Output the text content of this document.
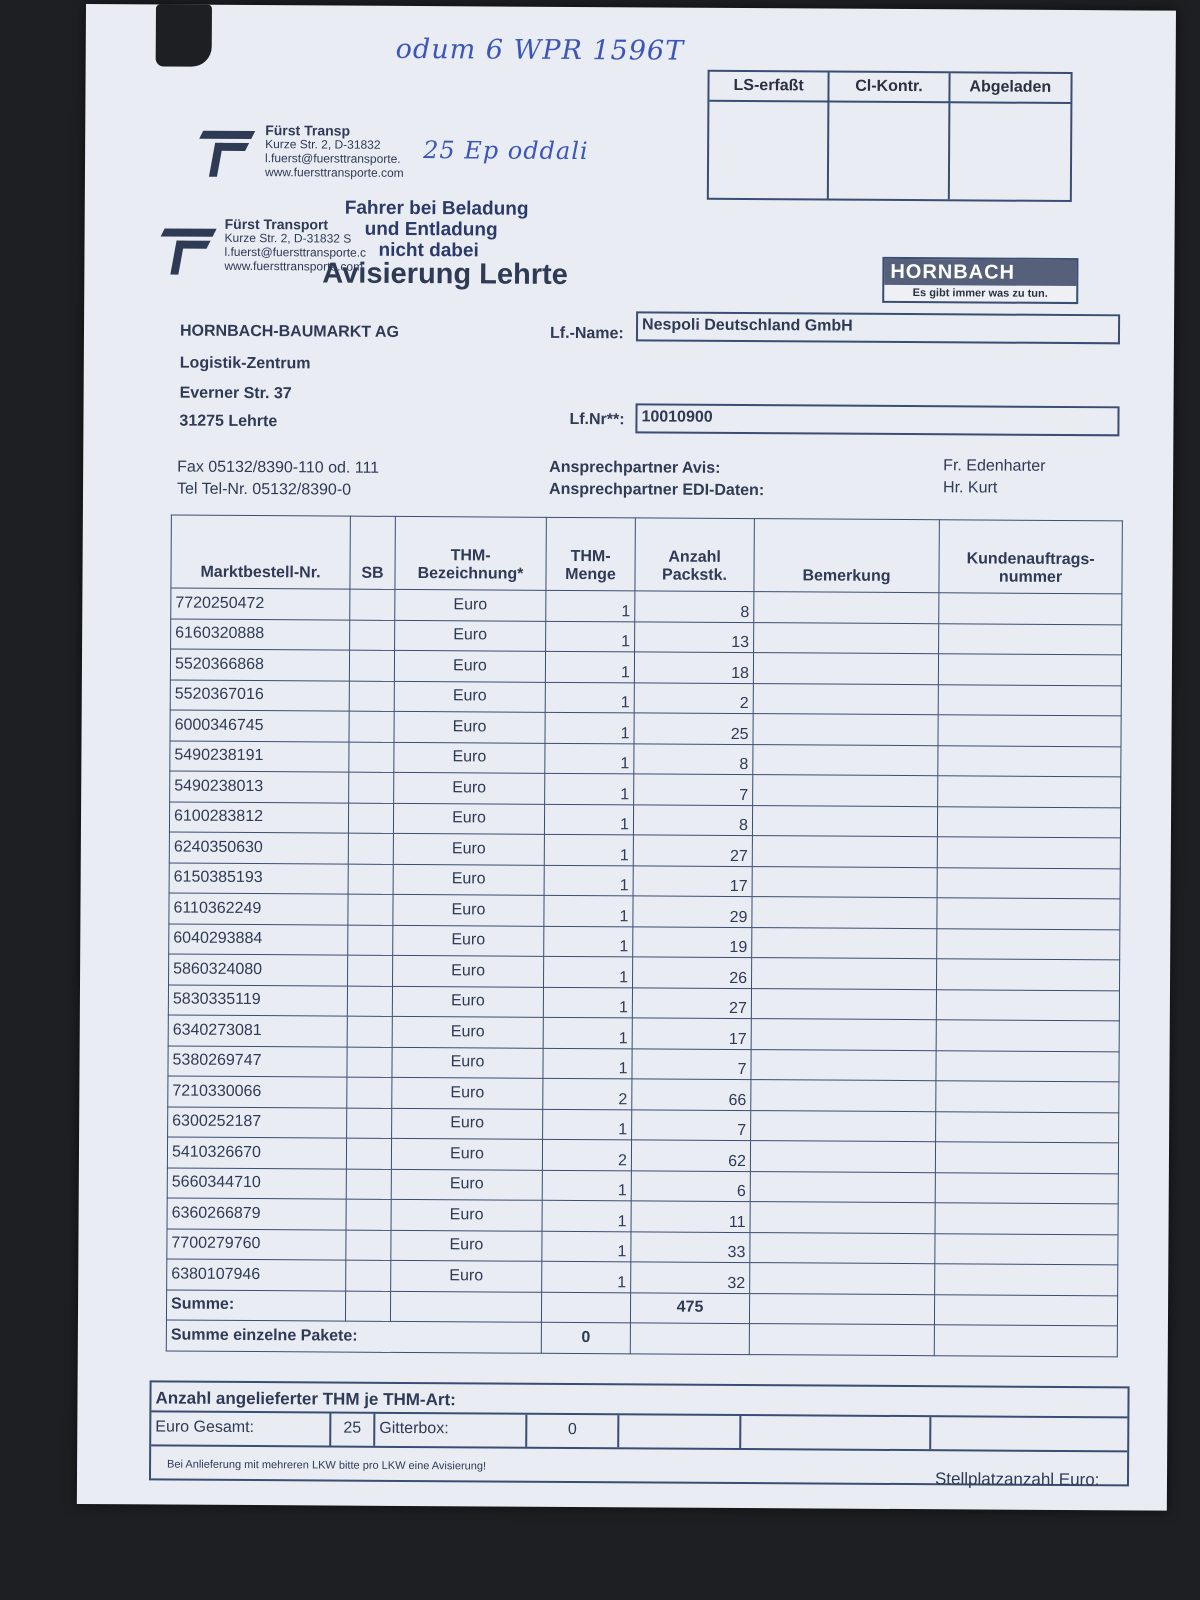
odum 6 WPR 1596T
25 Ep oddali
LS-erfaßt	Cl-Kontr.	Abgeladen
Fürst Transp
Kurze Str. 2, D-31832
l.fuerst@fuersttransporte.
www.fuersttransporte.com
Fürst Transport
Kurze Str. 2, D-31832 S
l.fuerst@fuersttransporte.c
www.fuersttransporte.com
Fahrer bei Beladung
und Entladung
nicht dabei
Avisierung Lehrte	HORNBACH
Es gibt immer was zu tun.
HORNBACH-BAUMARKT AG
Logistik-Zentrum
Everner Str. 37
31275 Lehrte
Lf.-Name:	Nespoli Deutschland GmbH
Lf.Nr**:	10010900
Fax 05132/8390-110 od. 111
Tel Tel-Nr. 05132/8390-0
Ansprechpartner Avis:
Ansprechpartner EDI-Daten:
Fr. Edenharter
Hr. Kurt
Marktbestell-Nr.	SB	THM-Bezeichnung*	THM-Menge	Anzahl Packstk.	Bemerkung	Kundenauftrags-nummer
7720250472		Euro	1	8		
6160320888		Euro	1	13		
5520366868		Euro	1	18		
5520367016		Euro	1	2		
6000346745		Euro	1	25		
5490238191		Euro	1	8		
5490238013		Euro	1	7		
6100283812		Euro	1	8		
6240350630		Euro	1	27		
6150385193		Euro	1	17		
6110362249		Euro	1	29		
6040293884		Euro	1	19		
5860324080		Euro	1	26		
5830335119		Euro	1	27		
6340273081		Euro	1	17		
5380269747		Euro	1	7		
7210330066		Euro	2	66		
6300252187		Euro	1	7		
5410326670		Euro	2	62		
5660344710		Euro	1	6		
6360266879		Euro	1	11		
7700279760		Euro	1	33		
6380107946		Euro	1	32		
Summe:				475		
Summe einzelne Pakete:			0			
Anzahl angelieferter THM je THM-Art:
Euro Gesamt:	25	Gitterbox:	0
Bei Anlieferung mit mehreren LKW bitte pro LKW eine Avisierung!
Stellplatzanzahl Euro:
